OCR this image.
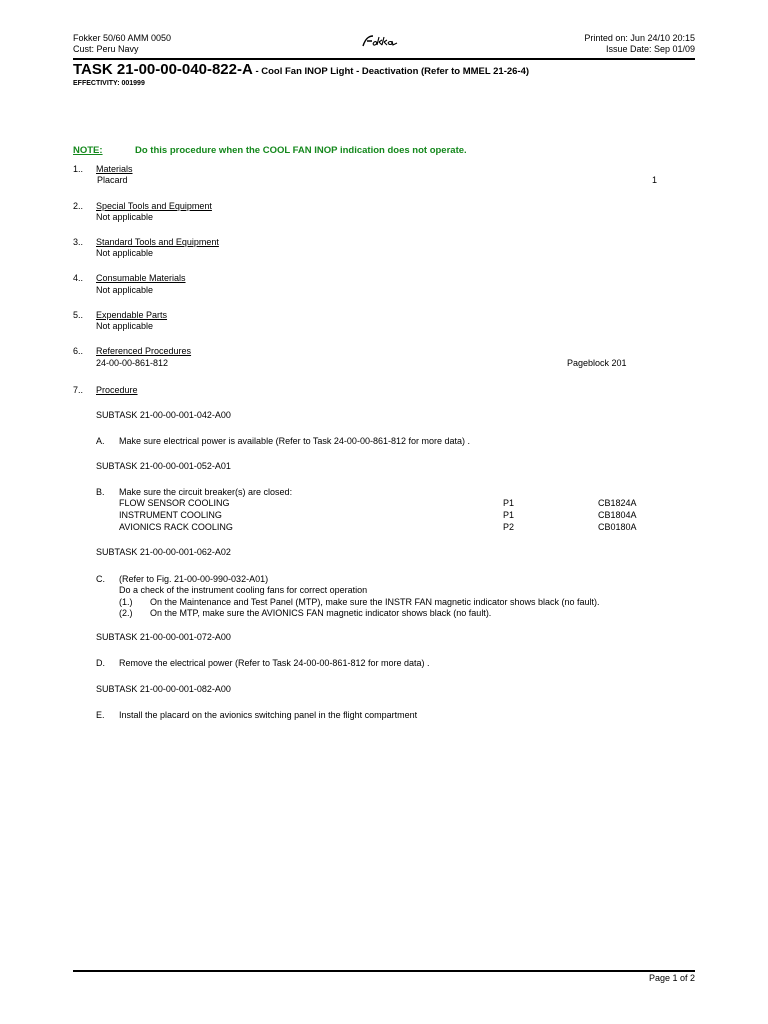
Fokker 50/60 AMM 0050
Cust: Peru Navy
Printed on: Jun 24/10 20:15
Issue Date: Sep 01/09
TASK 21-00-00-040-822-A - Cool Fan INOP Light - Deactivation (Refer to MMEL 21-26-4)
EFFECTIVITY: 001999
NOTE:	Do this procedure when the COOL FAN INOP indication does not operate.
1.. Materials
Placard	1
2.. Special Tools and Equipment
Not applicable
3.. Standard Tools and Equipment
Not applicable
4.. Consumable Materials
Not applicable
5.. Expendable Parts
Not applicable
6.. Referenced Procedures
24-00-00-861-812	Pageblock 201
7.. Procedure
SUBTASK 21-00-00-001-042-A00
A. Make sure electrical power is available (Refer to Task 24-00-00-861-812 for more data) .
SUBTASK 21-00-00-001-052-A01
B. Make sure the circuit breaker(s) are closed:
FLOW SENSOR COOLING	P1	CB1824A
INSTRUMENT COOLING	P1	CB1804A
AVIONICS RACK COOLING	P2	CB0180A
SUBTASK 21-00-00-001-062-A02
C. (Refer to Fig. 21-00-00-990-032-A01)
Do a check of the instrument cooling fans for correct operation
(1.) On the Maintenance and Test Panel (MTP), make sure the INSTR FAN magnetic indicator shows black (no fault).
(2.) On the MTP, make sure the AVIONICS FAN magnetic indicator shows black (no fault).
SUBTASK 21-00-00-001-072-A00
D. Remove the electrical power (Refer to Task 24-00-00-861-812 for more data) .
SUBTASK 21-00-00-001-082-A00
E. Install the placard on the avionics switching panel in the flight compartment
Page 1 of 2
